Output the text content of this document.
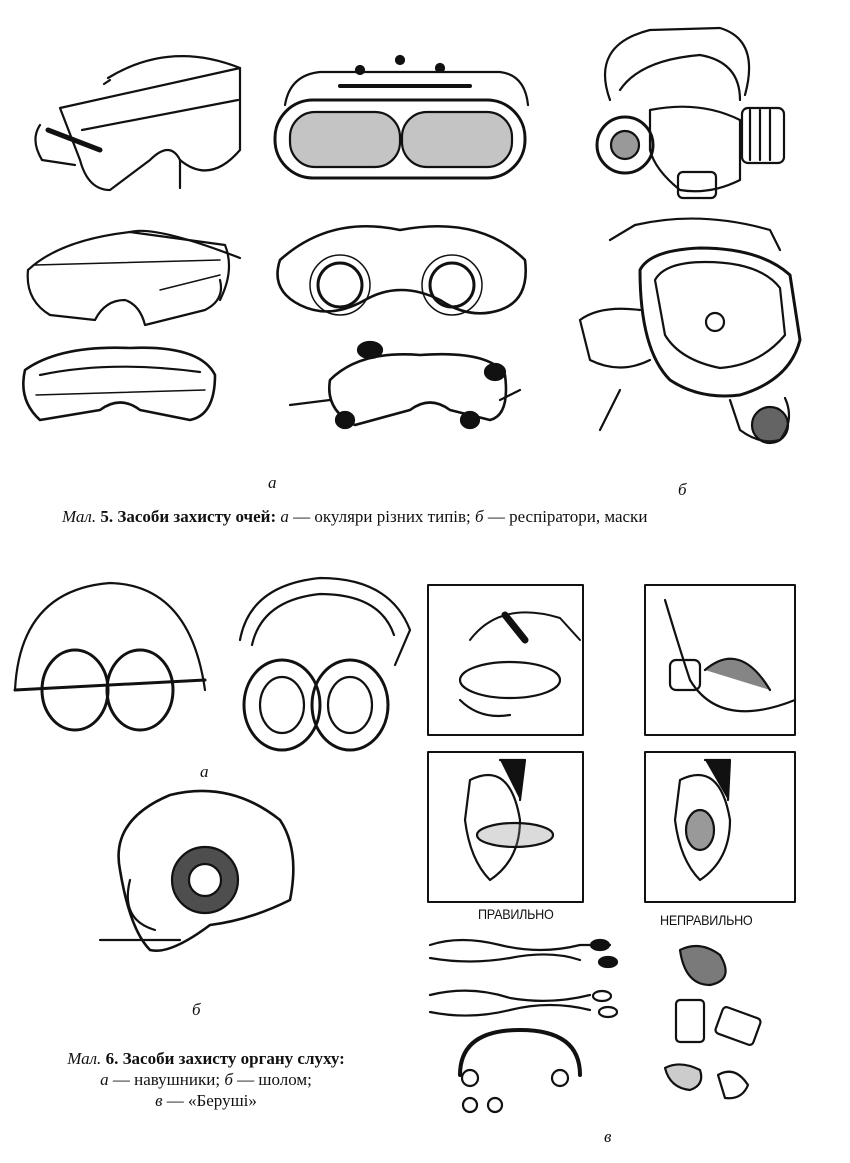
а	б
Мал. 5. Засоби захисту очей: а — окуляри різних типів; б — респіратори, маски
а
б
в
ПРАВИЛЬНО	НЕПРАВИЛЬНО
Мал. 6. Засоби захисту органу слуху:
а — навушники; б — шолом;
в — «Беруші»
